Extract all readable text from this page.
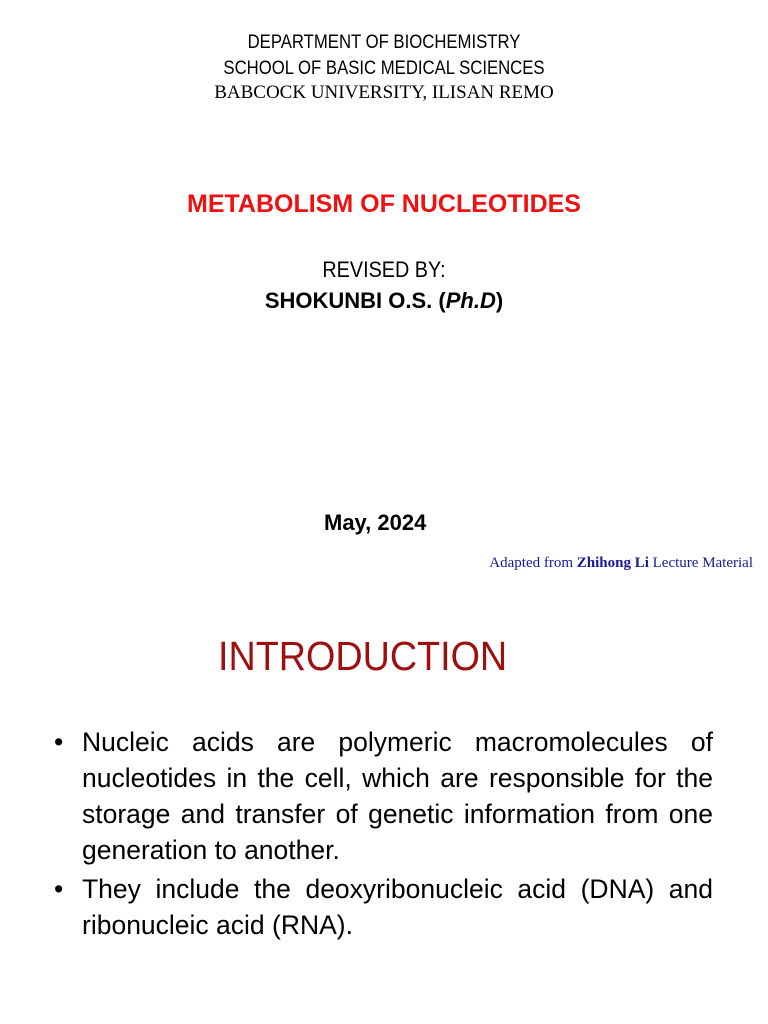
DEPARTMENT OF BIOCHEMISTRY
SCHOOL OF BASIC MEDICAL SCIENCES
BABCOCK UNIVERSITY, ILISAN REMO
METABOLISM OF NUCLEOTIDES
REVISED BY:
SHOKUNBI O.S. (Ph.D)
May, 2024
Adapted from Zhihong Li Lecture Material
INTRODUCTION
• Nucleic acids are polymeric macromolecules of nucleotides in the cell, which are responsible for the storage and transfer of genetic information from one generation to another.
• They include the deoxyribonucleic acid (DNA) and ribonucleic acid (RNA).
